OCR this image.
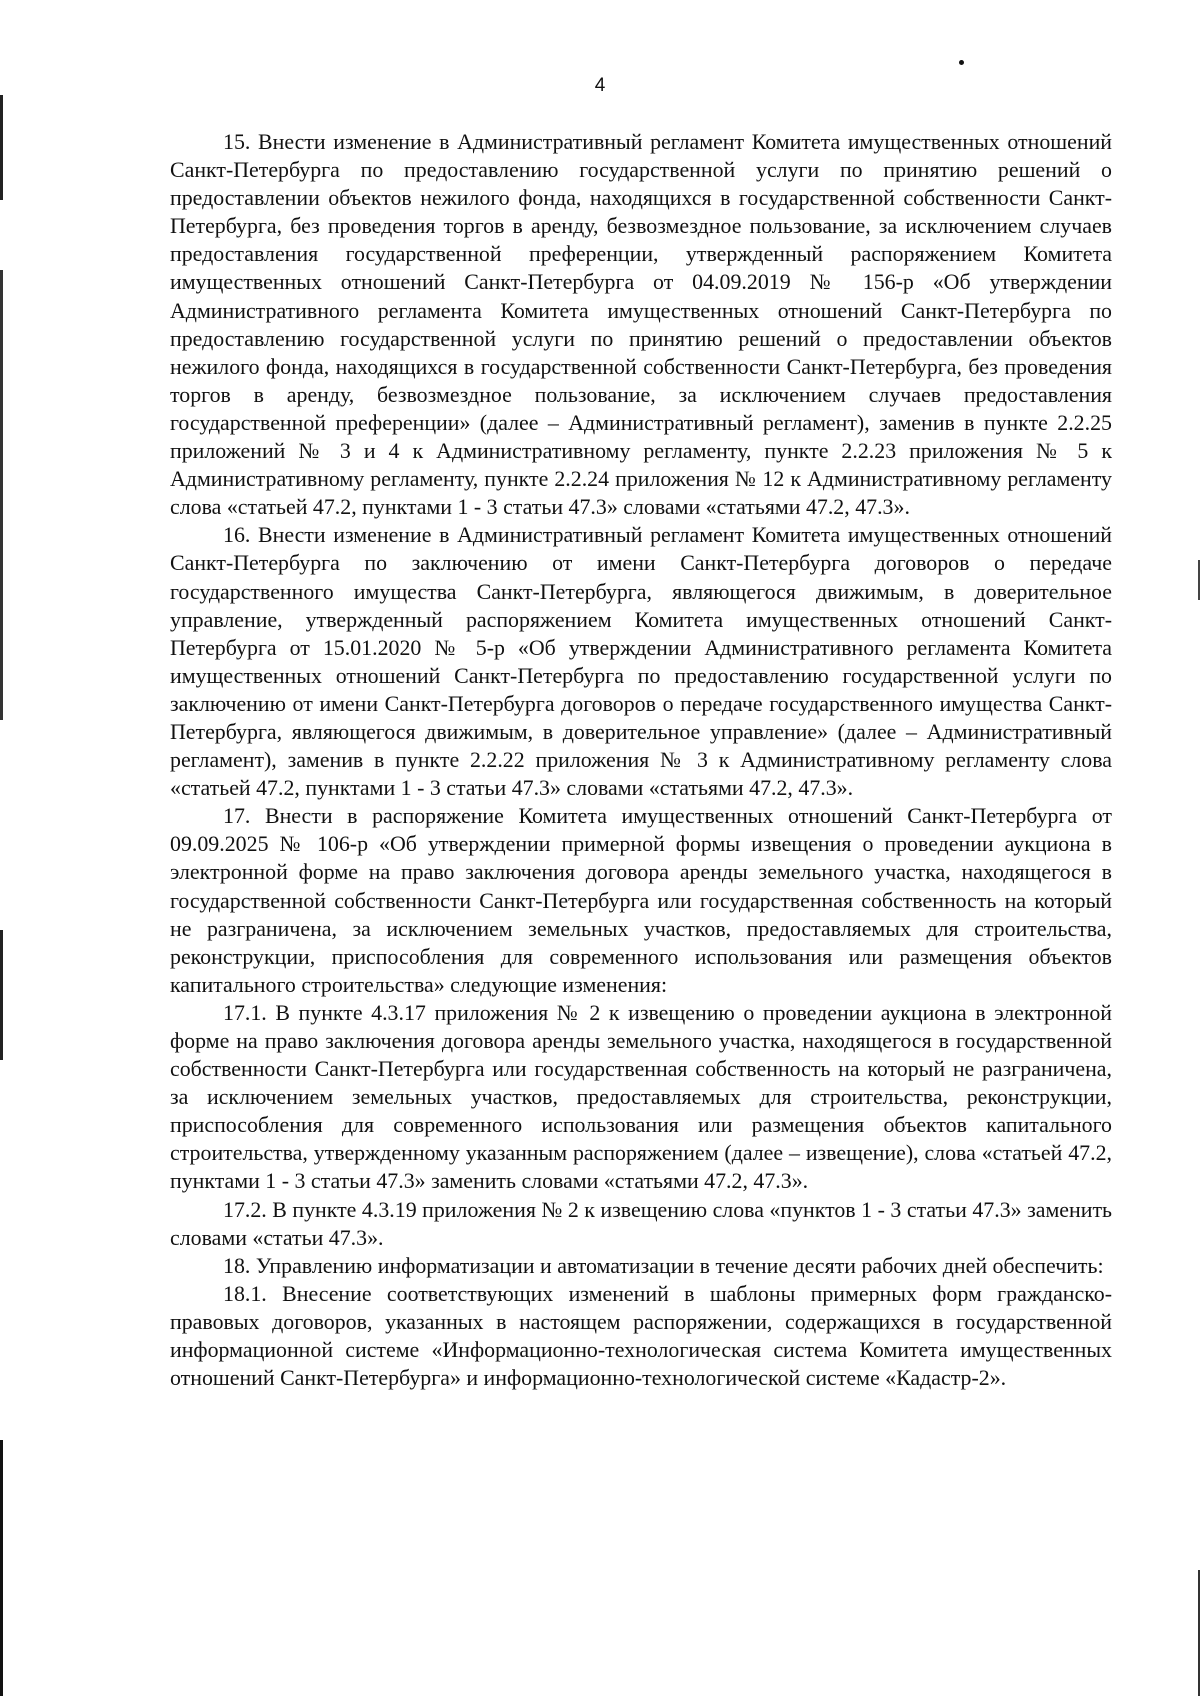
4

15. Внести изменение в Административный регламент Комитета имущественных отношений Санкт-Петербурга по предоставлению государственной услуги по принятию решений о предоставлении объектов нежилого фонда, находящихся в государственной собственности Санкт-Петербурга, без проведения торгов в аренду, безвозмездное пользование, за исключением случаев предоставления государственной преференции, утвержденный распоряжением Комитета имущественных отношений Санкт-Петербурга от 04.09.2019 № 156-р «Об утверждении Административного регламента Комитета имущественных отношений Санкт-Петербурга по предоставлению государственной услуги по принятию решений о предоставлении объектов нежилого фонда, находящихся в государственной собственности Санкт-Петербурга, без проведения торгов в аренду, безвозмездное пользование, за исключением случаев предоставления государственной преференции» (далее – Административный регламент), заменив в пункте 2.2.25 приложений № 3 и 4 к Административному регламенту, пункте 2.2.23 приложения № 5 к Административному регламенту, пункте 2.2.24 приложения № 12 к Административному регламенту слова «статьей 47.2, пунктами 1 - 3 статьи 47.3» словами «статьями 47.2, 47.3».

16. Внести изменение в Административный регламент Комитета имущественных отношений Санкт-Петербурга по заключению от имени Санкт-Петербурга договоров о передаче государственного имущества Санкт-Петербурга, являющегося движимым, в доверительное управление, утвержденный распоряжением Комитета имущественных отношений Санкт-Петербурга от 15.01.2020 № 5-р «Об утверждении Административного регламента Комитета имущественных отношений Санкт-Петербурга по предоставлению государственной услуги по заключению от имени Санкт-Петербурга договоров о передаче государственного имущества Санкт-Петербурга, являющегося движимым, в доверительное управление» (далее – Административный регламент), заменив в пункте 2.2.22 приложения № 3 к Административному регламенту слова «статьей 47.2, пунктами 1 - 3 статьи 47.3» словами «статьями 47.2, 47.3».

17. Внести в распоряжение Комитета имущественных отношений Санкт-Петербурга от 09.09.2025 № 106-р «Об утверждении примерной формы извещения о проведении аукциона в электронной форме на право заключения договора аренды земельного участка, находящегося в государственной собственности Санкт-Петербурга или государственная собственность на который не разграничена, за исключением земельных участков, предоставляемых для строительства, реконструкции, приспособления для современного использования или размещения объектов капитального строительства» следующие изменения:

17.1. В пункте 4.3.17 приложения № 2 к извещению о проведении аукциона в электронной форме на право заключения договора аренды земельного участка, находящегося в государственной собственности Санкт-Петербурга или государственная собственность на который не разграничена, за исключением земельных участков, предоставляемых для строительства, реконструкции, приспособления для современного использования или размещения объектов капитального строительства, утвержденному указанным распоряжением (далее – извещение), слова «статьей 47.2, пунктами 1 - 3 статьи 47.3» заменить словами «статьями 47.2, 47.3».

17.2. В пункте 4.3.19 приложения № 2 к извещению слова «пунктов 1 - 3 статьи 47.3» заменить словами «статьи 47.3».

18. Управлению информатизации и автоматизации в течение десяти рабочих дней обеспечить:

18.1. Внесение соответствующих изменений в шаблоны примерных форм гражданско-правовых договоров, указанных в настоящем распоряжении, содержащихся в государственной информационной системе «Информационно-технологическая система Комитета имущественных отношений Санкт-Петербурга» и информационно-технологической системе «Кадастр-2».
